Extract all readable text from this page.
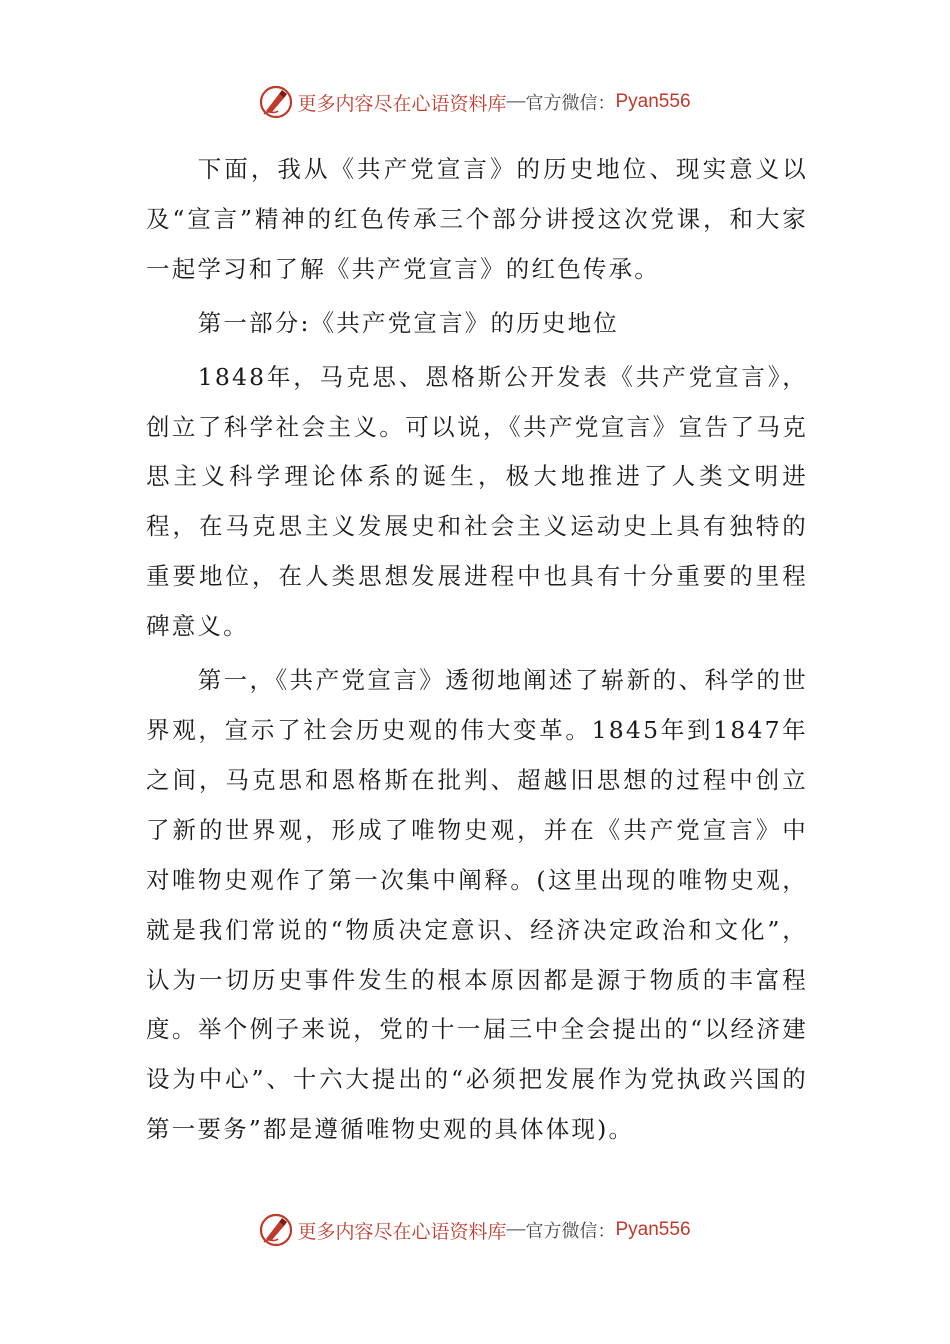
更多内容尽在心语资料库 — 官方微信： Pyan556

下面，我从《共产党宣言》的历史地位、现实意义以及“宣言”精神的红色传承三个部分讲授这次党课，和大家一起学习和了解《共产党宣言》的红色传承。

第一部分:《共产党宣言》的历史地位

1848年，马克思、恩格斯公开发表《共产党宣言》，创立了科学社会主义。可以说，《共产党宣言》宣告了马克思主义科学理论体系的诞生，极大地推进了人类文明进程，在马克思主义发展史和社会主义运动史上具有独特的重要地位，在人类思想发展进程中也具有十分重要的里程碑意义。

第一，《共产党宣言》透彻地阐述了崭新的、科学的世界观，宣示了社会历史观的伟大变革。1845年到1847年之间，马克思和恩格斯在批判、超越旧思想的过程中创立了新的世界观，形成了唯物史观，并在《共产党宣言》中对唯物史观作了第一次集中阐释。(这里出现的唯物史观，就是我们常说的“物质决定意识、经济决定政治和文化”，认为一切历史事件发生的根本原因都是源于物质的丰富程度。举个例子来说，党的十一届三中全会提出的“以经济建设为中心”、十六大提出的“必须把发展作为党执政兴国的第一要务”都是遵循唯物史观的具体体现)。

更多内容尽在心语资料库 — 官方微信： Pyan556
